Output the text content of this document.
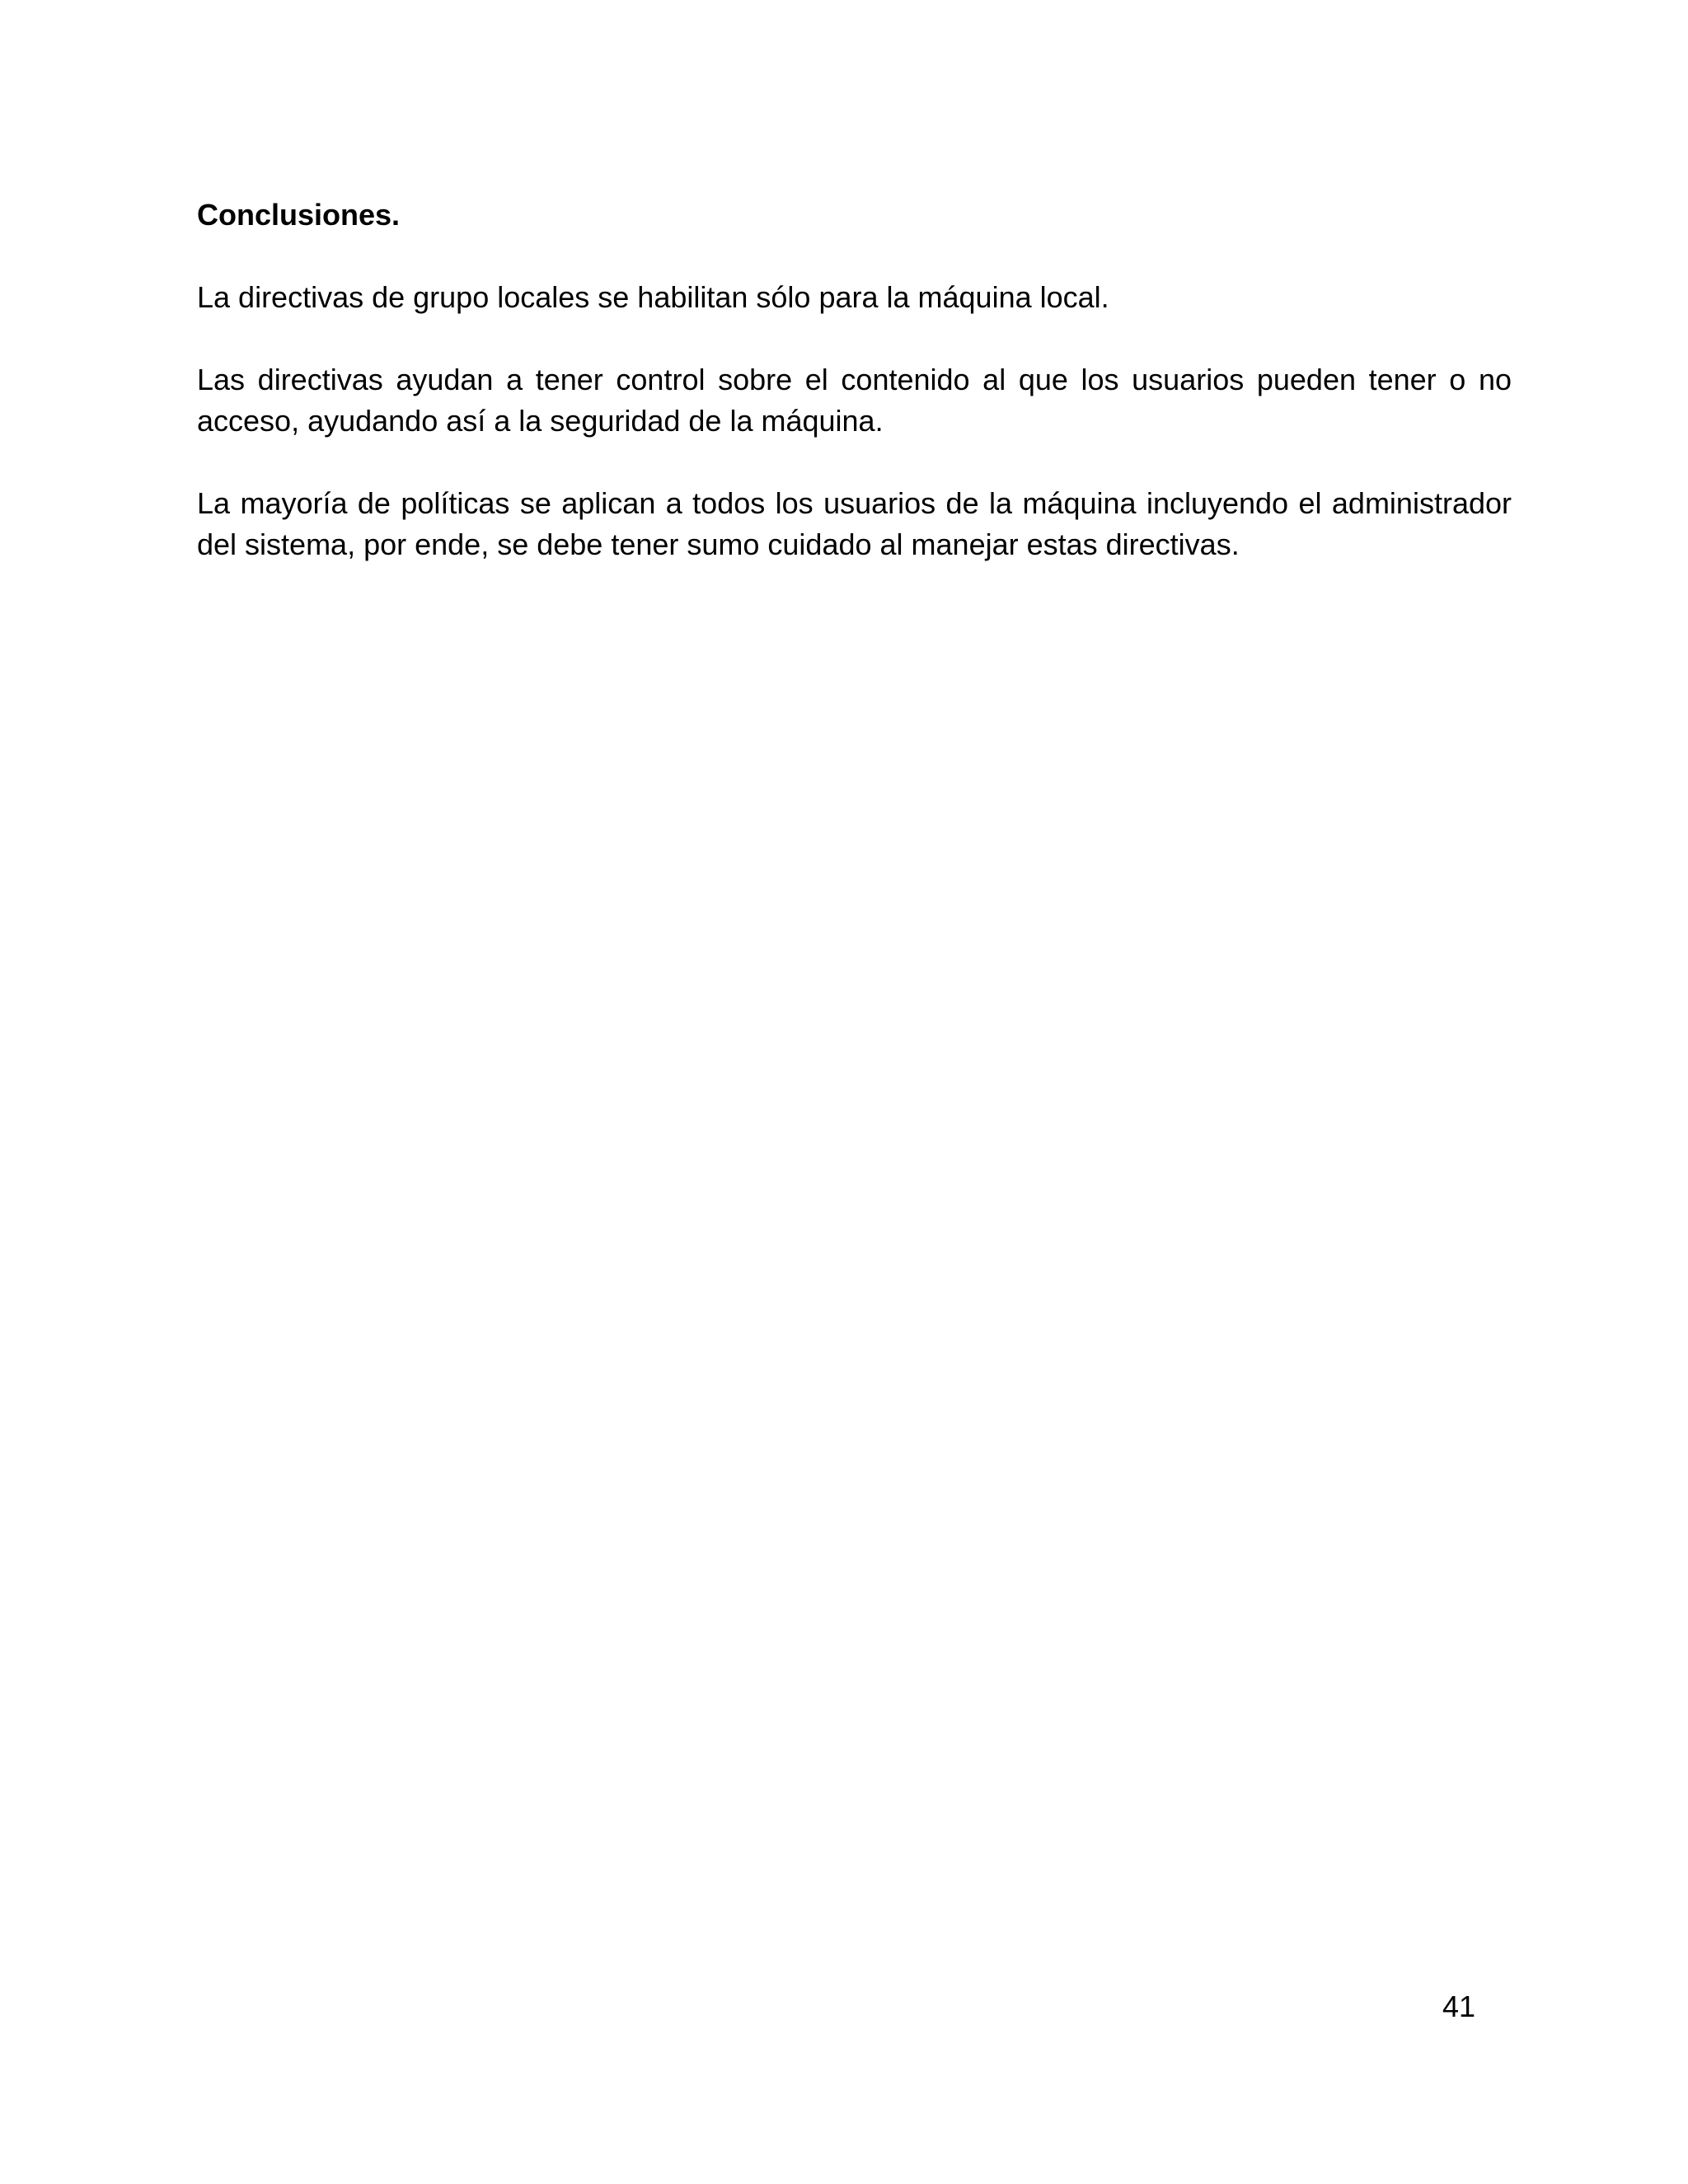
Conclusiones.

La directivas de grupo locales se habilitan sólo para la máquina local.

Las directivas ayudan a tener control sobre el contenido al que los usuarios pueden tener o no acceso, ayudando así a la seguridad de la máquina.

La mayoría de políticas se aplican a todos los usuarios de la máquina incluyendo el administrador del sistema, por ende, se debe tener sumo cuidado al manejar estas directivas.

41
